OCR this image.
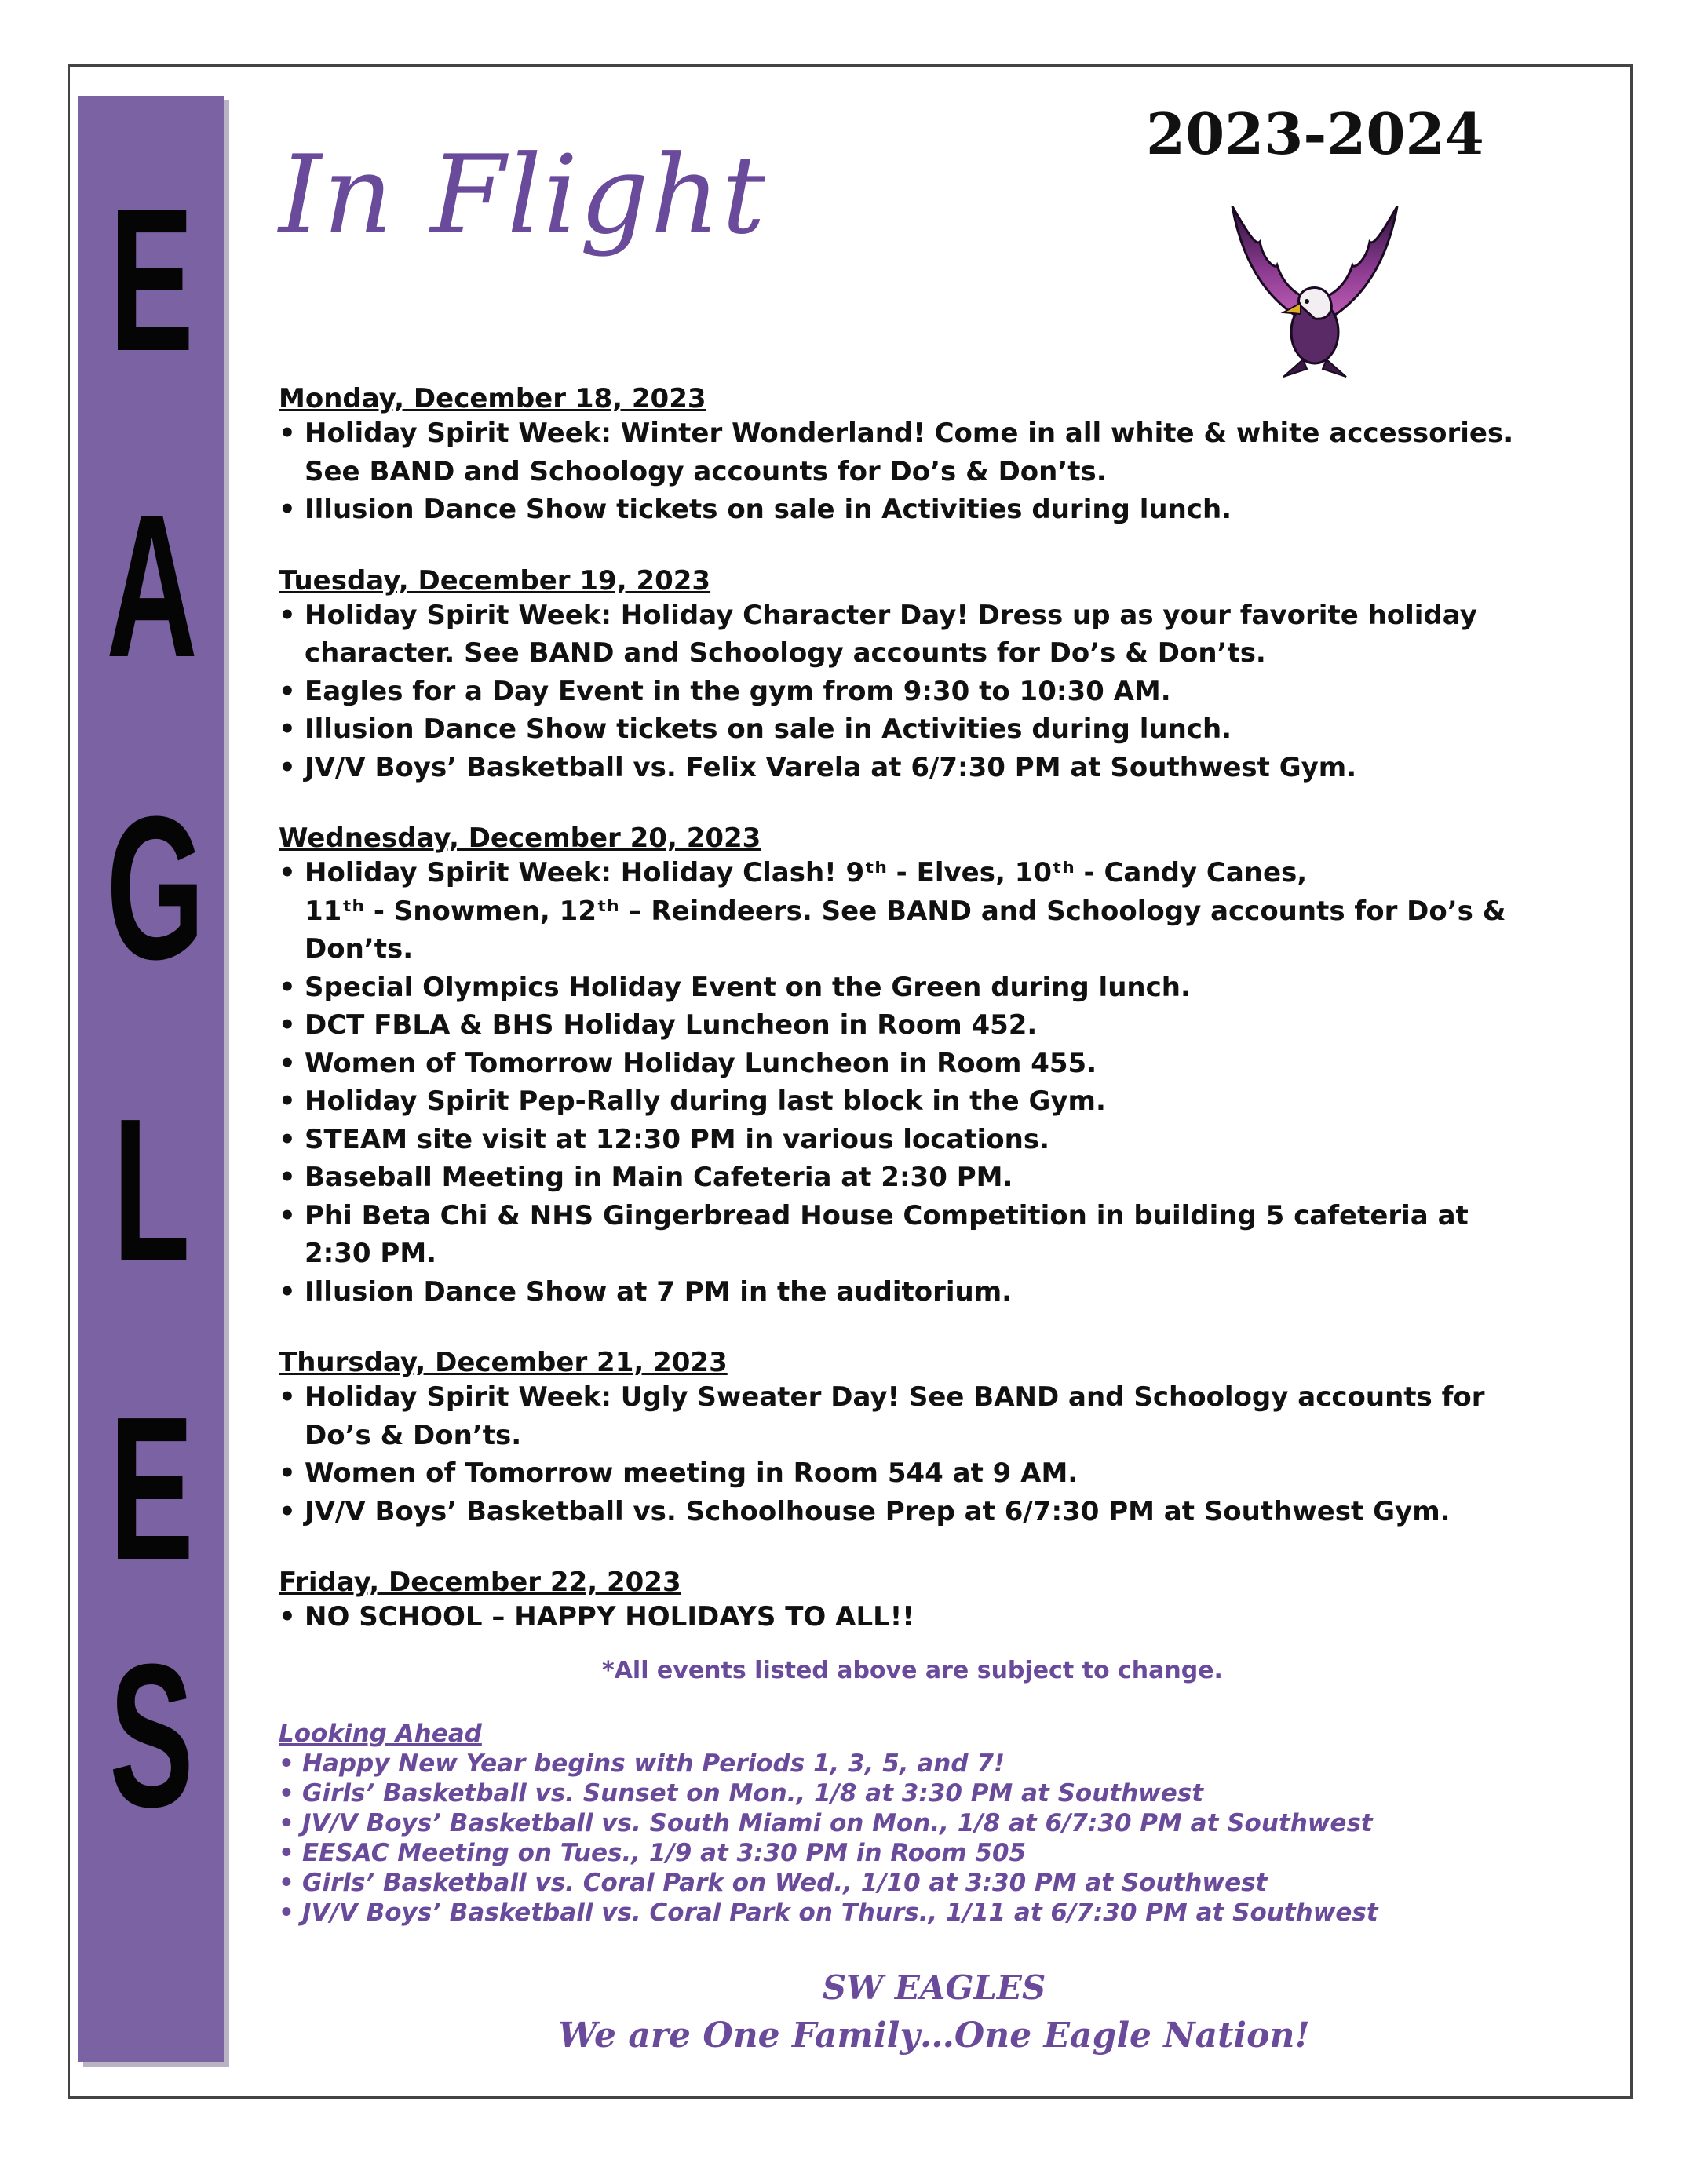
E
A
G
L
E
S
2023-2024
In Flight
Monday, December 18, 2023
• Holiday Spirit Week: Winter Wonderland! Come in all white & white accessories.
See BAND and Schoology accounts for Do’s & Don’ts.
• Illusion Dance Show tickets on sale in Activities during lunch.
Tuesday, December 19, 2023
• Holiday Spirit Week: Holiday Character Day! Dress up as your favorite holiday
character. See BAND and Schoology accounts for Do’s & Don’ts.
• Eagles for a Day Event in the gym from 9:30 to 10:30 AM.
• Illusion Dance Show tickets on sale in Activities during lunch.
• JV/V Boys’ Basketball vs. Felix Varela at 6/7:30 PM at Southwest Gym.
Wednesday, December 20, 2023
• Holiday Spirit Week: Holiday Clash! 9ᵗʰ - Elves, 10ᵗʰ - Candy Canes,
11ᵗʰ - Snowmen, 12ᵗʰ – Reindeers. See BAND and Schoology accounts for Do’s &
Don’ts.
• Special Olympics Holiday Event on the Green during lunch.
• DCT FBLA & BHS Holiday Luncheon in Room 452.
• Women of Tomorrow Holiday Luncheon in Room 455.
• Holiday Spirit Pep-Rally during last block in the Gym.
• STEAM site visit at 12:30 PM in various locations.
• Baseball Meeting in Main Cafeteria at 2:30 PM.
• Phi Beta Chi & NHS Gingerbread House Competition in building 5 cafeteria at
2:30 PM.
• Illusion Dance Show at 7 PM in the auditorium.
Thursday, December 21, 2023
• Holiday Spirit Week: Ugly Sweater Day! See BAND and Schoology accounts for
Do’s & Don’ts.
• Women of Tomorrow meeting in Room 544 at 9 AM.
• JV/V Boys’ Basketball vs. Schoolhouse Prep at 6/7:30 PM at Southwest Gym.
Friday, December 22, 2023
• NO SCHOOL – HAPPY HOLIDAYS TO ALL!!
*All events listed above are subject to change.
Looking Ahead
• Happy New Year begins with Periods 1, 3, 5, and 7!
• Girls’ Basketball vs. Sunset on Mon., 1/8 at 3:30 PM at Southwest
• JV/V Boys’ Basketball vs. South Miami on Mon., 1/8 at 6/7:30 PM at Southwest
• EESAC Meeting on Tues., 1/9 at 3:30 PM in Room 505
• Girls’ Basketball vs. Coral Park on Wed., 1/10 at 3:30 PM at Southwest
• JV/V Boys’ Basketball vs. Coral Park on Thurs., 1/11 at 6/7:30 PM at Southwest
SW EAGLES
We are One Family…One Eagle Nation!
